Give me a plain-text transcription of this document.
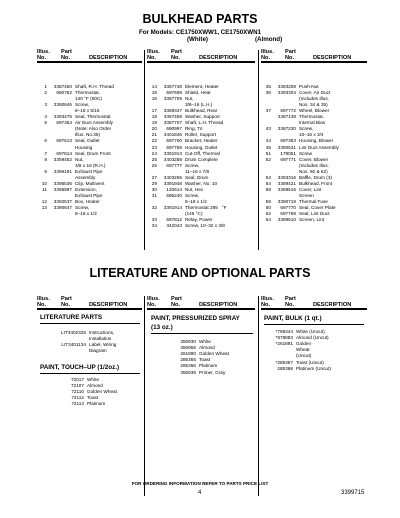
BULKHEAD PARTS
For Models: CE1750XWW1, CE1750XWN1
(White)	(Almond)
Illus.
No.
Part
No.	DESCRIPTION
Illus.
No.
Part
No.	DESCRIPTION
Illus.
No.
Part
No.	DESCRIPTION
1	3387460 Shaft, R.H. Thread
2	660762 Thermostat,
140 °F (60C)
3	3390646 Screw,
8–18 x 5/16
4	3393475 Seal, Thermostat
5	697354 Air Duct Assembly
(Note: Also Order
Illus. No.35)
6	697613 Seal, Outlet
Housing
7	697814 Seal, Drum Front
8	3359452 Nut,
3/8 x 16 (R.H.)
9	3396191 Exhaust Pipe
Assembly
10	3395536 Clip, Multivent
11	3395997 Extension,
Exhaust Pipe
12	3392537 Box, Heater
13	3390647 Screw,
8–18 x 1/2
14	3387748 Element, Heater
15	697699 Shield, Heat
16	3387709 Nut,
3/8–16 (L.H.)
17	3389347 Bulkhead, Rear
18	3387459 Washer, Support
19	3387707 Shaft, L.H. Thread
20	690997 Ring, Tri
21	3401846 Roller, Support
22	697700 Bracket, Heater
23	697768 Housing, Outlet
24	3391913 Cut-Off, Thermal
25	3403268 Drum Complete
26	697777 Screw,
11–16 x 7/8
27	3403265 Seal, Drum
29	3391948 Washer, No. 10
30	120614 Nut, Hex
31	695240 Screw,
8–18 x 1/2
32	3391914 Thermostat 295   °F
(146 °C)
33	697812 Relay, Power
34	342043 Screw, 10–32 x 3/8
35	3393259 Push-Nut
36	3393304 Cover, Air Duct
(Includes Illus.
Nos. 34 & 35)
37	697772 Wheel, Blower
3387138 Thermostat,
Internal Bias
43	3387230 Screw,
10–16 x 3/4
44	697363 Housing, Blower
45	3390531 Lint Duct Assembly
51	179051 Screw
52	697771 Cover, Blower
(Includes Illus.
Nos. 60 & 62)
53	3393316 Baffle, Drum (3)
54	3389421 Bulkhead, Front
58	3389516 Cover, Lint
Screen
59	3390719 Thermal Fuse
60	697770 Seal, Cover Plate
62	697769 Seal, Lint Duct
64	3389510 Screen, Lint
LITERATURE AND OPTIONAL PARTS
Illus.
No.
Part
No.	DESCRIPTION
Illus.
No.
Part
No.	DESCRIPTION
Illus.
No.
Part
No.	DESCRIPTION
LITERATURE PARTS
LIT3402325 Instructions,
Installation
LIT3401134 Label, Wiring
Diagram
PAINT, TOUCH–UP (1/2oz.)
72017 White
72107 Almond
72110 Golden Wheat
72112 Toast
72113 Platinum
PAINT, PRESSURIZED SPRAY
(13 oz.)
350930 White
350956 Almond
261890 Golden Wheat
285365 Toast
285366 Platinum
350938 Primer, Gray
PAINT, BULK (1 qt.)
*798344 White (Uncut)
*878883 Almond (Uncut)
*261891 Golden
Wheat
(Uncut)
*285367 Toast (Uncut)
285368 Platinum (Uncut)
FOR ORDERING INFORMATION REFER TO PARTS PRICE LIST
4	3399715
